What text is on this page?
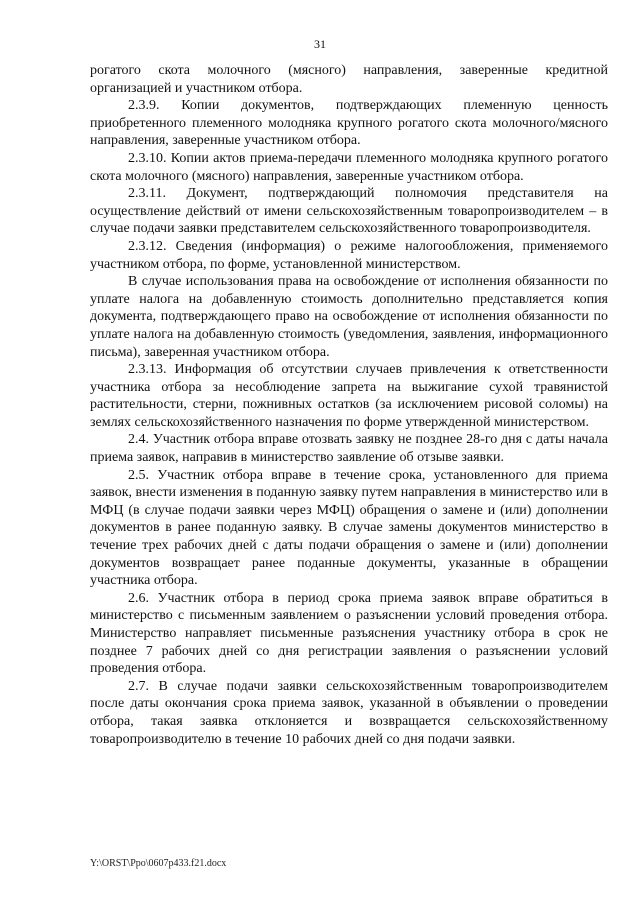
31

рогатого скота молочного (мясного) направления, заверенные кредитной организацией и участником отбора.

2.3.9. Копии документов, подтверждающих племенную ценность приобретенного племенного молодняка крупного рогатого скота молочного/мясного направления, заверенные участником отбора.

2.3.10. Копии актов приема-передачи племенного молодняка крупного рогатого скота молочного (мясного) направления, заверенные участником отбора.

2.3.11. Документ, подтверждающий полномочия представителя на осуществление действий от имени сельскохозяйственным товаропроизводителем – в случае подачи заявки представителем сельскохозяйственного товаропроизводителя.

2.3.12. Сведения (информация) о режиме налогообложения, применяемого участником отбора, по форме, установленной министерством.

В случае использования права на освобождение от исполнения обязанности по уплате налога на добавленную стоимость дополнительно представляется копия документа, подтверждающего право на освобождение от исполнения обязанности по уплате налога на добавленную стоимость (уведомления, заявления, информационного письма), заверенная участником отбора.

2.3.13. Информация об отсутствии случаев привлечения к ответственности участника отбора за несоблюдение запрета на выжигание сухой травянистой растительности, стерни, пожнивных остатков (за исключением рисовой соломы) на землях сельскохозяйственного назначения по форме утвержденной министерством.

2.4. Участник отбора вправе отозвать заявку не позднее 28-го дня с даты начала приема заявок, направив в министерство заявление об отзыве заявки.

2.5. Участник отбора вправе в течение срока, установленного для приема заявок, внести изменения в поданную заявку путем направления в министерство или в МФЦ (в случае подачи заявки через МФЦ) обращения о замене и (или) дополнении документов в ранее поданную заявку. В случае замены документов министерство в течение трех рабочих дней с даты подачи обращения о замене и (или) дополнении документов возвращает ранее поданные документы, указанные в обращении участника отбора.

2.6. Участник отбора в период срока приема заявок вправе обратиться в министерство с письменным заявлением о разъяснении условий проведения отбора. Министерство направляет письменные разъяснения участнику отбора в срок не позднее 7 рабочих дней со дня регистрации заявления о разъяснении условий проведения отбора.

2.7. В случае подачи заявки сельскохозяйственным товаропроизводителем после даты окончания срока приема заявок, указанной в объявлении о проведении отбора, такая заявка отклоняется и возвращается сельскохозяйственному товаропроизводителю в течение 10 рабочих дней со дня подачи заявки.

Y:\ORST\Ppo\0607p433.f21.docx
